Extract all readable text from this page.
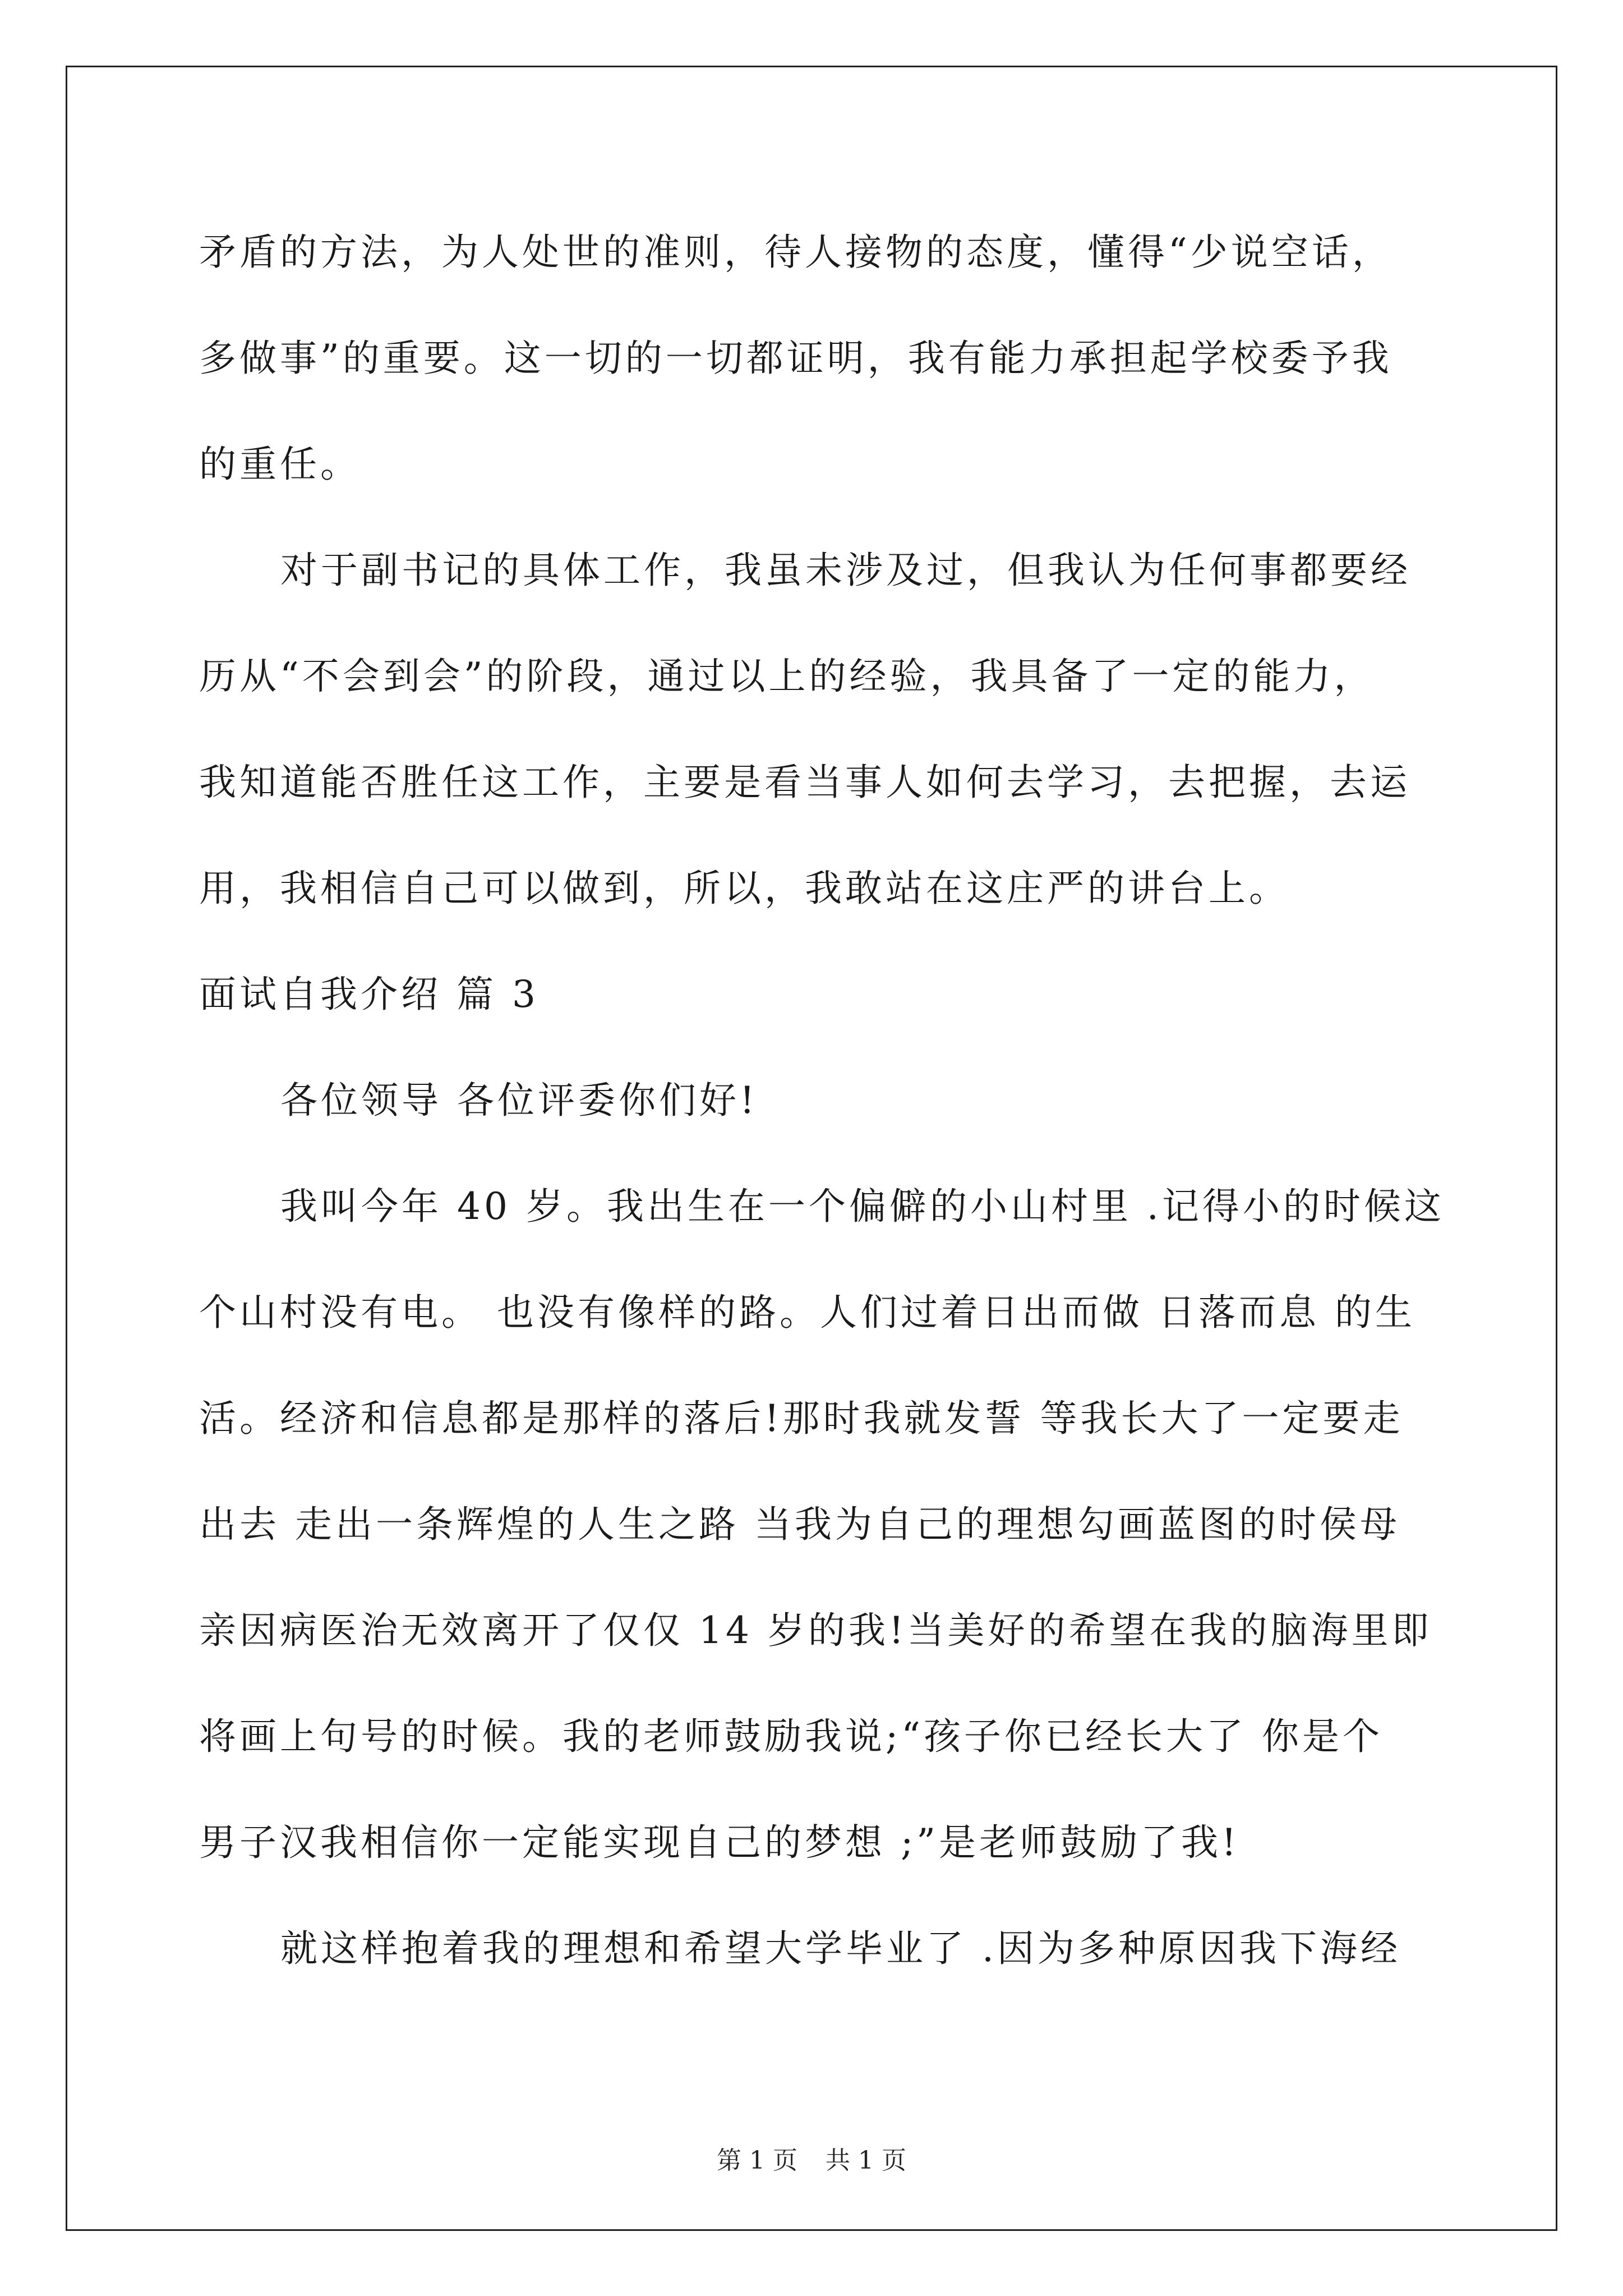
矛盾的方法，为人处世的准则，待人接物的态度，懂得“少说空话，
多做事”的重要。这一切的一切都证明，我有能力承担起学校委予我
的重任。
对于副书记的具体工作，我虽未涉及过，但我认为任何事都要经
历从“不会到会”的阶段，通过以上的经验，我具备了一定的能力，
我知道能否胜任这工作，主要是看当事人如何去学习，去把握，去运
用，我相信自己可以做到，所以，我敢站在这庄严的讲台上。
面试自我介绍 篇 3
各位领导 各位评委你们好!
我叫今年 40 岁。我出生在一个偏僻的小山村里 .记得小的时候这
个山村没有电。 也没有像样的路。人们过着日出而做 日落而息 的生
活。经济和信息都是那样的落后!那时我就发誓 等我长大了一定要走
出去 走出一条辉煌的人生之路 当我为自己的理想勾画蓝图的时侯母
亲因病医治无效离开了仅仅 14 岁的我!当美好的希望在我的脑海里即
将画上句号的时候。我的老师鼓励我说;“孩子你已经长大了 你是个
男子汉我相信你一定能实现自己的梦想 ;”是老师鼓励了我!
就这样抱着我的理想和希望大学毕业了 .因为多种原因我下海经
第 1 页 共 1 页
